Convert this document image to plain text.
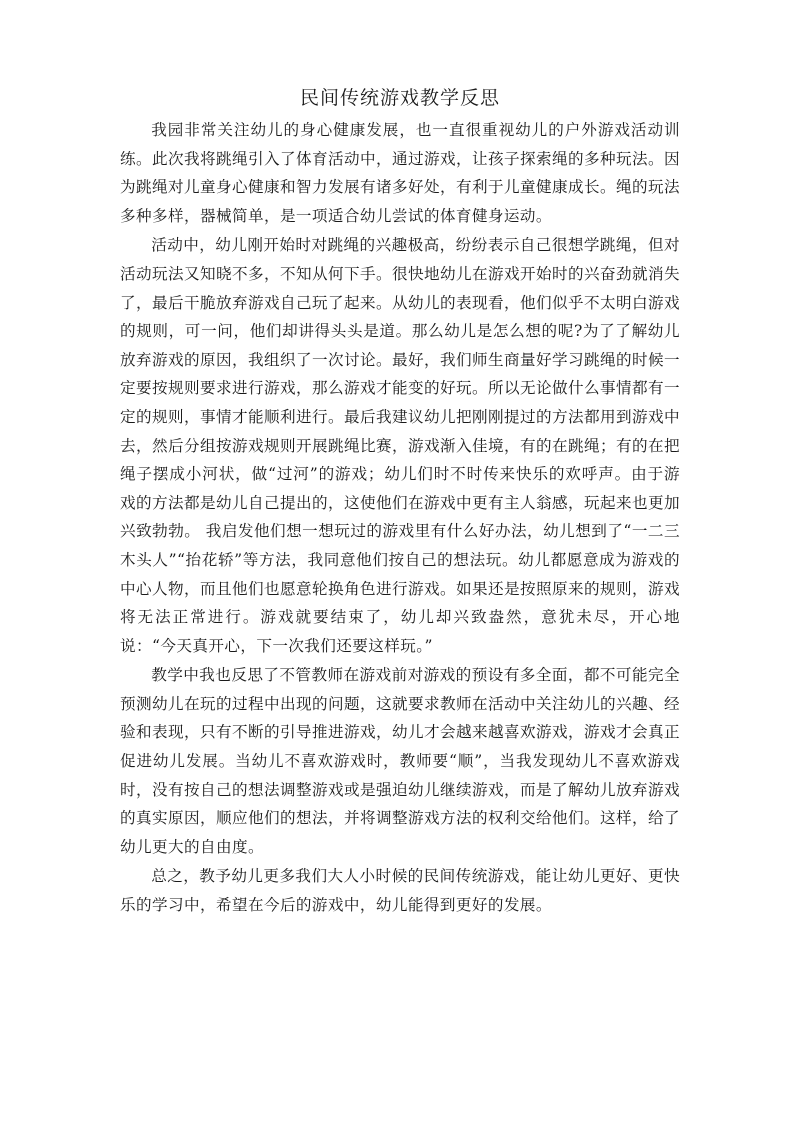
民间传统游戏教学反思

我园非常关注幼儿的身心健康发展，也一直很重视幼儿的户外游戏活动训练。此次我将跳绳引入了体育活动中，通过游戏，让孩子探索绳的多种玩法。因为跳绳对儿童身心健康和智力发展有诸多好处，有利于儿童健康成长。绳的玩法多种多样，器械简单，是一项适合幼儿尝试的体育健身运动。

活动中，幼儿刚开始时对跳绳的兴趣极高，纷纷表示自己很想学跳绳，但对活动玩法又知晓不多，不知从何下手。很快地幼儿在游戏开始时的兴奋劲就消失了，最后干脆放弃游戏自己玩了起来。从幼儿的表现看，他们似乎不太明白游戏的规则，可一问，他们却讲得头头是道。那么幼儿是怎么想的呢?为了了解幼儿放弃游戏的原因，我组织了一次讨论。最好，我们师生商量好学习跳绳的时候一定要按规则要求进行游戏，那么游戏才能变的好玩。所以无论做什么事情都有一定的规则，事情才能顺利进行。最后我建议幼儿把刚刚提过的方法都用到游戏中去，然后分组按游戏规则开展跳绳比赛，游戏渐入佳境，有的在跳绳；有的在把绳子摆成小河状，做“过河”的游戏；幼儿们时不时传来快乐的欢呼声。由于游戏的方法都是幼儿自己提出的，这使他们在游戏中更有主人翁感，玩起来也更加兴致勃勃。 我启发他们想一想玩过的游戏里有什么好办法，幼儿想到了“一二三木头人”“抬花轿”等方法，我同意他们按自己的想法玩。幼儿都愿意成为游戏的中心人物，而且他们也愿意轮换角色进行游戏。如果还是按照原来的规则，游戏将无法正常进行。游戏就要结束了，幼儿却兴致盎然，意犹未尽，开心地说：“今天真开心，下一次我们还要这样玩。”

教学中我也反思了不管教师在游戏前对游戏的预设有多全面，都不可能完全预测幼儿在玩的过程中出现的问题，这就要求教师在活动中关注幼儿的兴趣、经验和表现，只有不断的引导推进游戏，幼儿才会越来越喜欢游戏，游戏才会真正促进幼儿发展。当幼儿不喜欢游戏时，教师要“顺”，当我发现幼儿不喜欢游戏时，没有按自己的想法调整游戏或是强迫幼儿继续游戏，而是了解幼儿放弃游戏的真实原因，顺应他们的想法，并将调整游戏方法的权利交给他们。这样，给了幼儿更大的自由度。

总之，教予幼儿更多我们大人小时候的民间传统游戏，能让幼儿更好、更快乐的学习中，希望在今后的游戏中，幼儿能得到更好的发展。
